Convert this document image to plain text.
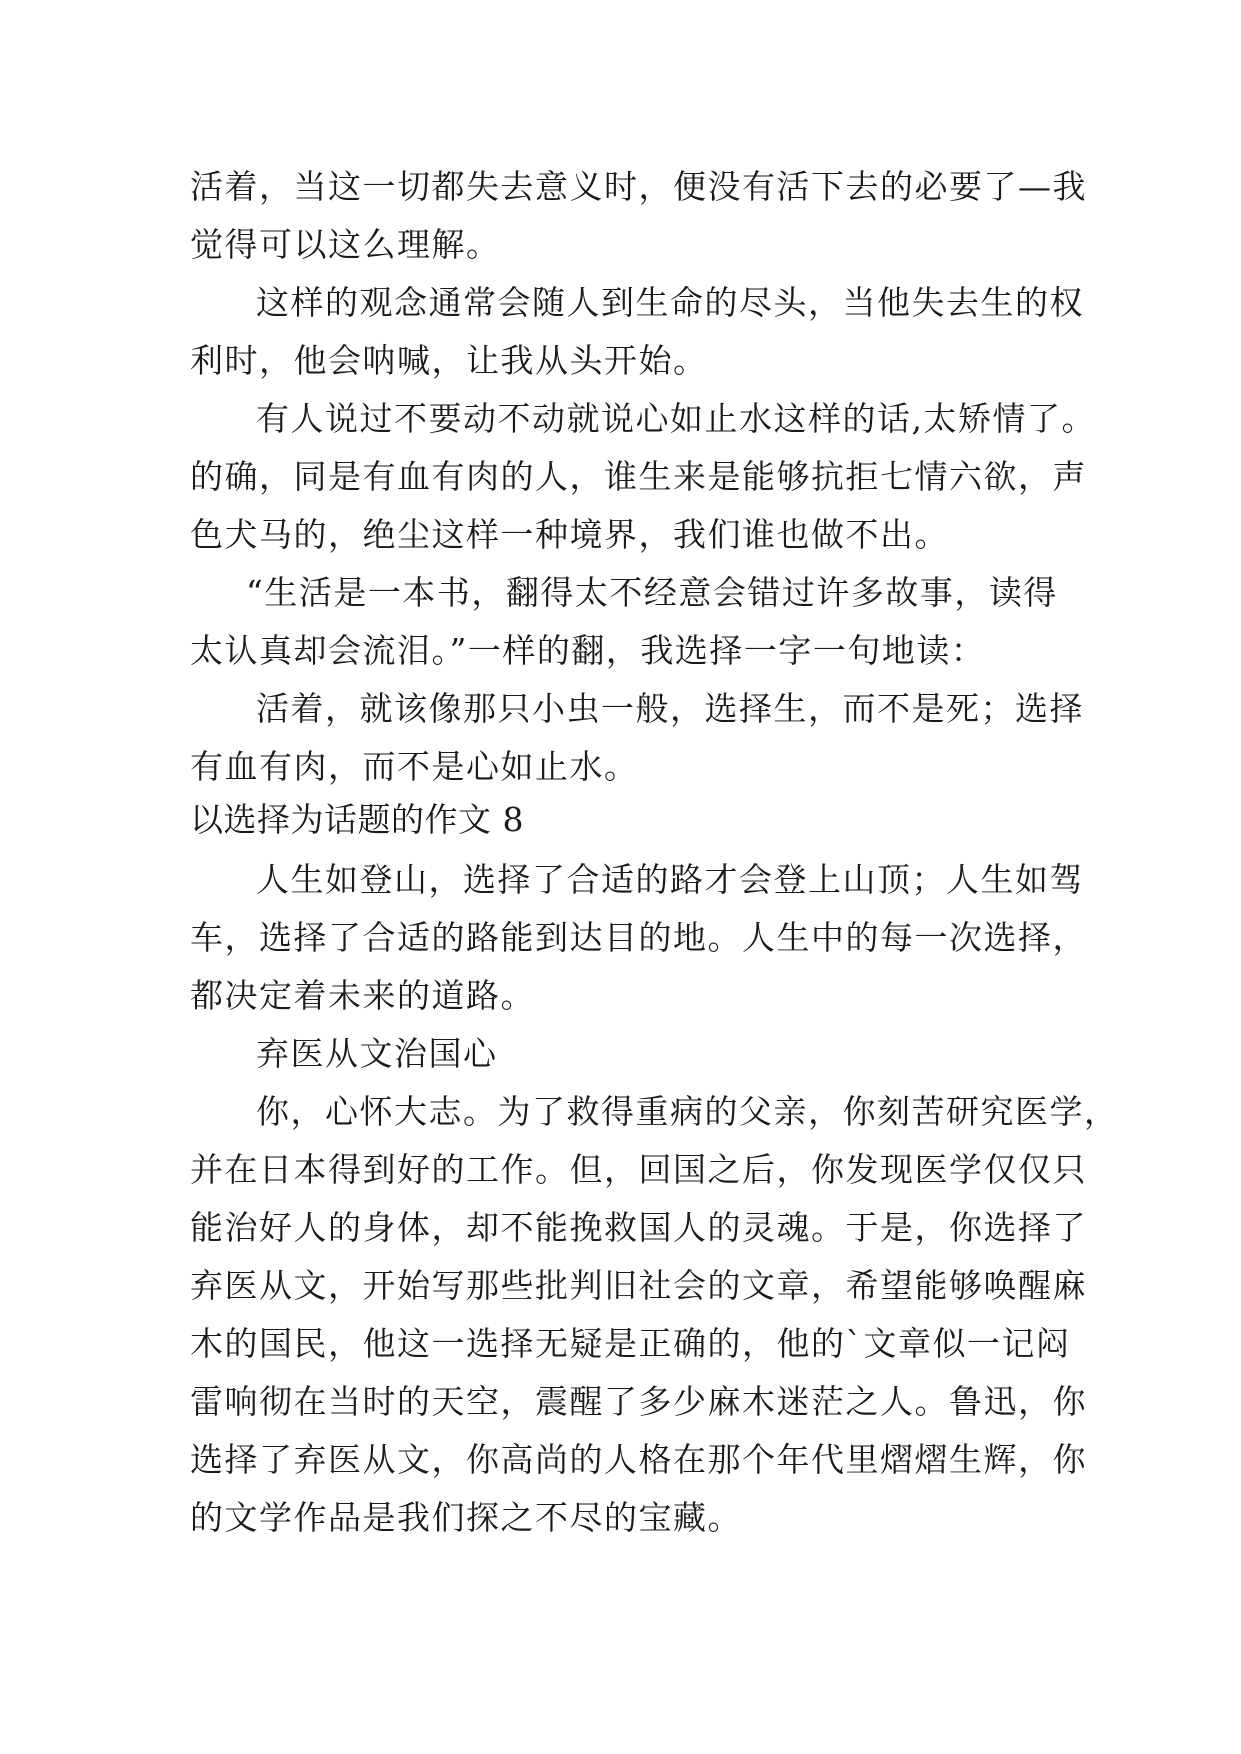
活着，当这一切都失去意义时，便没有活下去的必要了—我

觉得可以这么理解。

这样的观念通常会随人到生命的尽头，当他失去生的权

利时，他会呐喊，让我从头开始。

有人说过不要动不动就说心如止水这样的话,太矫情了。

的确，同是有血有肉的人，谁生来是能够抗拒七情六欲，声

色犬马的，绝尘这样一种境界，我们谁也做不出。

“生活是一本书，翻得太不经意会错过许多故事，读得

太认真却会流泪。”一样的翻，我选择一字一句地读：

活着，就该像那只小虫一般，选择生，而不是死；选择

有血有肉，而不是心如止水。

以选择为话题的作文 8

人生如登山，选择了合适的路才会登上山顶；人生如驾

车，选择了合适的路能到达目的地。人生中的每一次选择，

都决定着未来的道路。

弃医从文治国心

你，心怀大志。为了救得重病的父亲，你刻苦研究医学，

并在日本得到好的工作。但，回国之后，你发现医学仅仅只

能治好人的身体，却不能挽救国人的灵魂。于是，你选择了

弃医从文，开始写那些批判旧社会的文章，希望能够唤醒麻

木的国民，他这一选择无疑是正确的，他的`文章似一记闷

雷响彻在当时的天空，震醒了多少麻木迷茫之人。鲁迅，你

选择了弃医从文，你高尚的人格在那个年代里熠熠生辉，你

的文学作品是我们探之不尽的宝藏。
